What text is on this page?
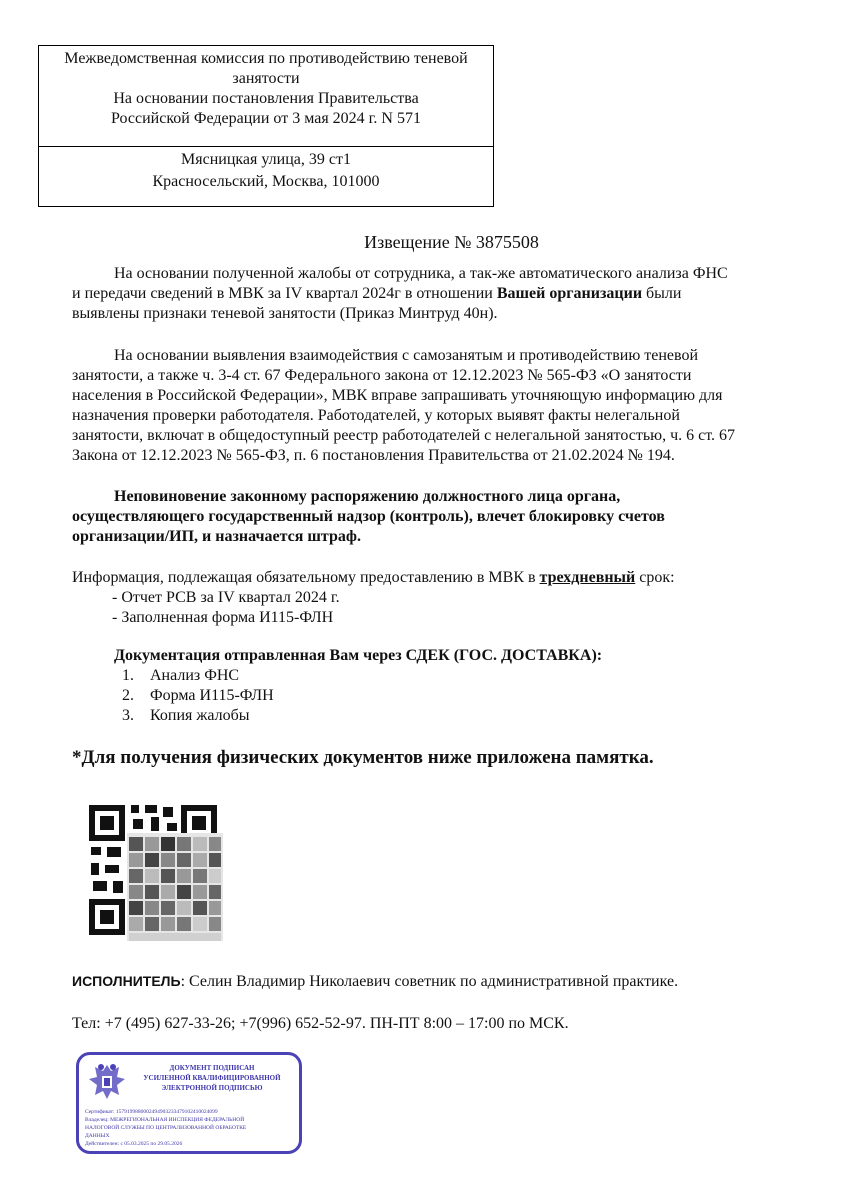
Межведомственная комиссия по противодействию теневой
занятости
На основании постановления Правительства
Российской Федерации от 3 мая 2024 г. N 571
Мясницкая улица, 39 ст1
Красносельский, Москва, 101000
Извещение № 3875508
На основании полученной жалобы от сотрудника, а так-же автоматического анализа ФНС
и передачи сведений в МВК за IV квартал 2024г в отношении Вашей организации были
выявлены признаки теневой занятости (Приказ Минтруд 40н).
На основании выявления взаимодействия с самозанятым и противодействию теневой
занятости, а также ч. 3-4 ст. 67 Федерального закона от 12.12.2023 № 565-ФЗ «О занятости
населения в Российской Федерации», МВК вправе запрашивать уточняющую информацию для
назначения проверки работодателя. Работодателей, у которых выявят факты нелегальной
занятости, включат в общедоступный реестр работодателей с нелегальной занятостью, ч. 6 ст. 67
Закона от 12.12.2023 № 565-ФЗ, п. 6 постановления Правительства от 21.02.2024 № 194.
Неповиновение законному распоряжению должностного лица органа,
осуществляющего государственный надзор (контроль), влечет блокировку счетов
организации/ИП, и назначается штраф.
Информация, подлежащая обязательному предоставлению в МВК в трехдневный срок:
- Отчет РСВ за IV квартал 2024 г.
- Заполненная форма И115-ФЛН
Документация отправленная Вам через СДЕК (ГОС. ДОСТАВКА):
1. Анализ ФНС
2. Форма И115-ФЛН
3. Копия жалобы
*Для получения физических документов ниже приложена памятка.
ИСПОЛНИТЕЛЬ: Селин Владимир Николаевич советник по административной практике.
Тел: +7 (495) 627-33-26; +7(996) 652-52-97. ПН-ПТ 8:00 – 17:00 по МСК.
ДОКУМЕНТ ПОДПИСАН
УСИЛЕННОЙ КВАЛИФИЦИРОВАННОЙ
ЭЛЕКТРОННОЙ ПОДПИСЬЮ
Сертификат: 1579199880002494903233479102410024099
Владелец: МЕЖРЕГИОНАЛЬНАЯ ИНСПЕКЦИЯ ФЕДЕРАЛЬНОЙ
НАЛОГОВОЙ СЛУЖБЫ ПО ЦЕНТРАЛИЗОВАННОЙ ОБРАБОТКЕ
ДАННЫХ
Действителен: с 05.03.2025 по 29.05.2026
